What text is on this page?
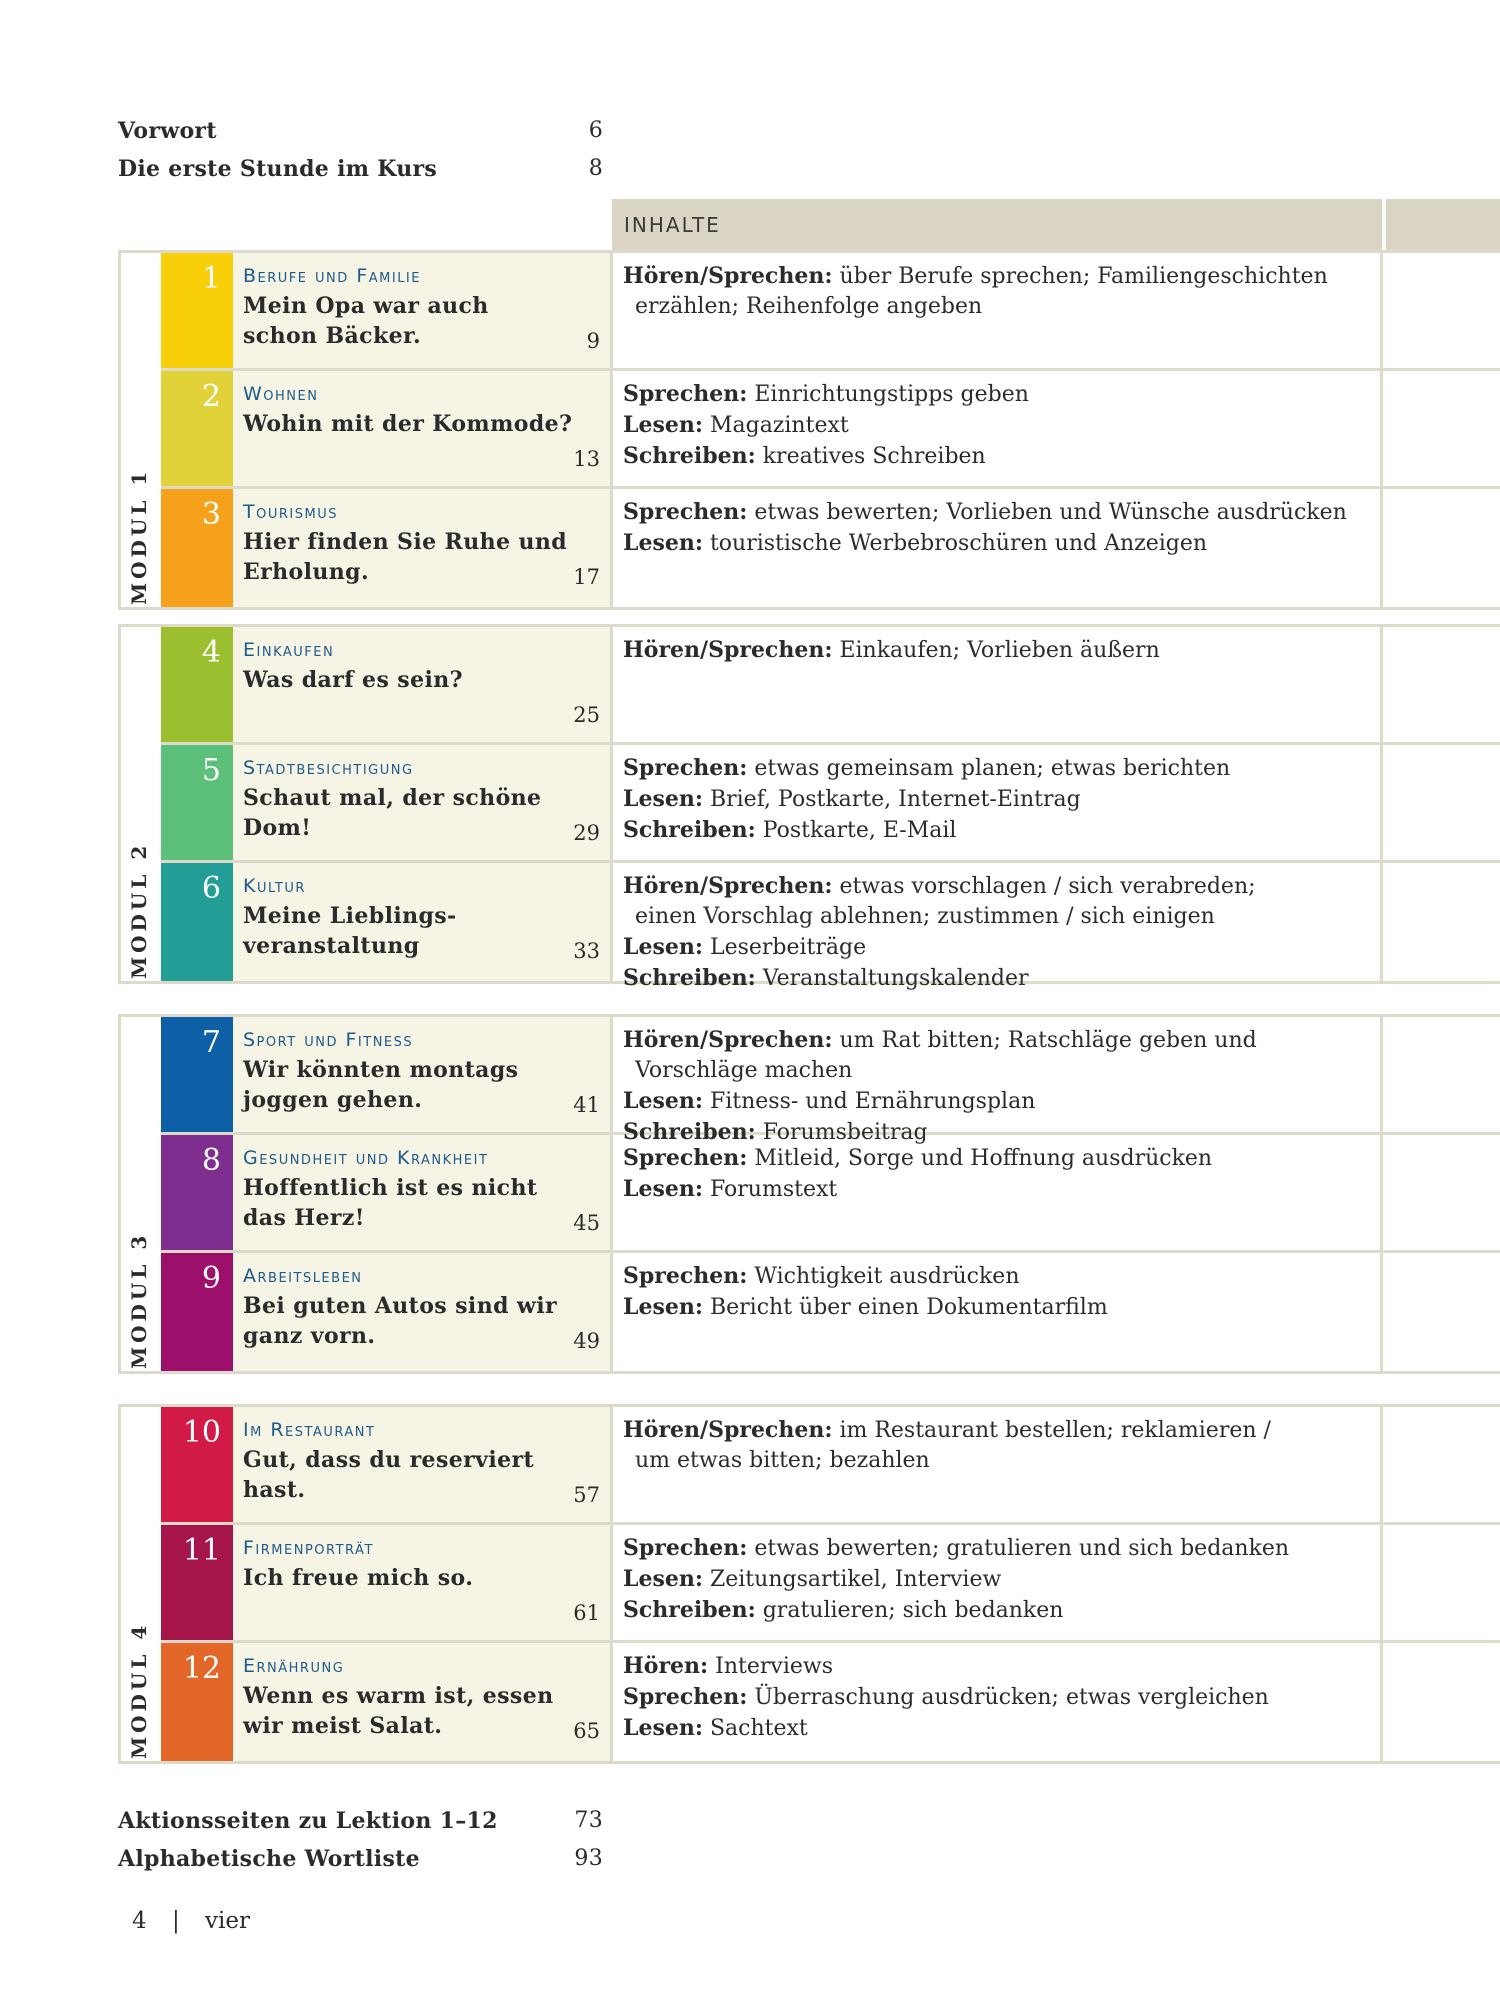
Vorwort	6
Die erste Stunde im Kurs	8
INHALTE
MODUL 1
1	Berufe und Familie
Mein Opa war auch
schon Bäcker.	9
Hören/Sprechen: über Berufe sprechen; Familiengeschichten
erzählen; Reihenfolge angeben
2	Wohnen
Wohin mit der Kommode?
13
Sprechen: Einrichtungstipps geben
Lesen: Magazintext
Schreiben: kreatives Schreiben
3	Tourismus
Hier finden Sie Ruhe und
Erholung.	17
Sprechen: etwas bewerten; Vorlieben und Wünsche ausdrücken
Lesen: touristische Werbebroschüren und Anzeigen
MODUL 2
4	Einkaufen
Was darf es sein?
25
Hören/Sprechen: Einkaufen; Vorlieben äußern
5	Stadtbesichtigung
Schaut mal, der schöne Dom!	29
Sprechen: etwas gemeinsam planen; etwas berichten
Lesen: Brief, Postkarte, Internet-Eintrag
Schreiben: Postkarte, E-Mail
6	Kultur
Meine Lieblings-
veranstaltung	33
Hören/Sprechen: etwas vorschlagen / sich verabreden;
einen Vorschlag ablehnen; zustimmen / sich einigen
Lesen: Leserbeiträge
Schreiben: Veranstaltungskalender
MODUL 3
7	Sport und Fitness
Wir könnten montags
joggen gehen.	41
Hören/Sprechen: um Rat bitten; Ratschläge geben und
Vorschläge machen
Lesen: Fitness- und Ernährungsplan
Schreiben: Forumsbeitrag
8	Gesundheit und Krankheit
Hoffentlich ist es nicht
das Herz!	45
Sprechen: Mitleid, Sorge und Hoffnung ausdrücken
Lesen: Forumstext
9	Arbeitsleben
Bei guten Autos sind wir
ganz vorn.	49
Sprechen: Wichtigkeit ausdrücken
Lesen: Bericht über einen Dokumentarfilm
MODUL 4
10	Im Restaurant
Gut, dass du reserviert hast.	57
Hören/Sprechen: im Restaurant bestellen; reklamieren /
um etwas bitten; bezahlen
11	Firmenporträt
Ich freue mich so.
61
Sprechen: etwas bewerten; gratulieren und sich bedanken
Lesen: Zeitungsartikel, Interview
Schreiben: gratulieren; sich bedanken
12	Ernährung
Wenn es warm ist, essen
wir meist Salat.	65
Hören: Interviews
Sprechen: Überraschung ausdrücken; etwas vergleichen
Lesen: Sachtext
Aktionsseiten zu Lektion 1–12	73
Alphabetische Wortliste	93
4 | vier
